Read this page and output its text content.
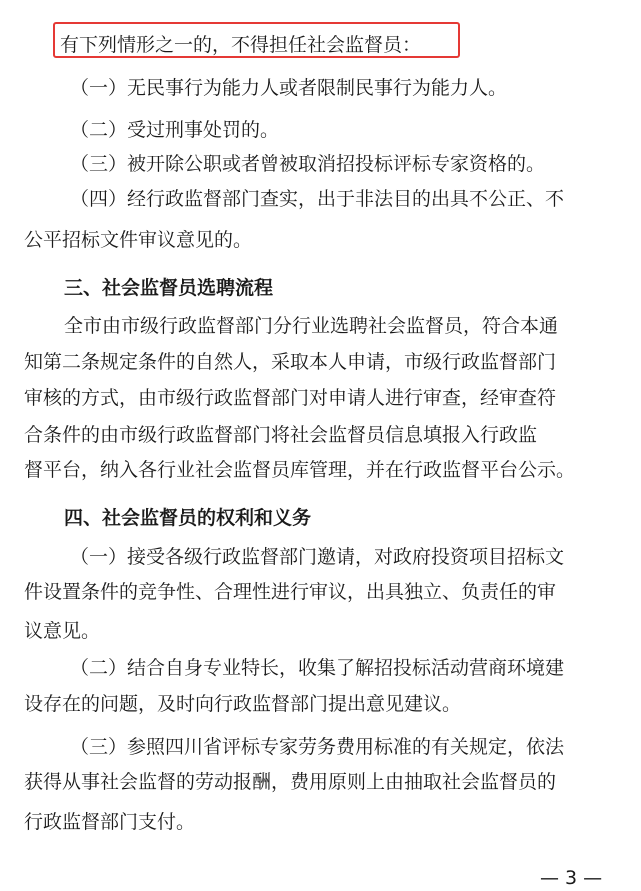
有下列情形之一的，不得担任社会监督员：
（一）无民事行为能力人或者限制民事行为能力人。
（二）受过刑事处罚的。
（三）被开除公职或者曾被取消招投标评标专家资格的。
（四）经行政监督部门查实，出于非法目的出具不公正、不
公平招标文件审议意见的。
三、社会监督员选聘流程
全市由市级行政监督部门分行业选聘社会监督员，符合本通
知第二条规定条件的自然人，采取本人申请，市级行政监督部门
审核的方式，由市级行政监督部门对申请人进行审查，经审查符
合条件的由市级行政监督部门将社会监督员信息填报入行政监
督平台，纳入各行业社会监督员库管理，并在行政监督平台公示。
四、社会监督员的权利和义务
（一）接受各级行政监督部门邀请，对政府投资项目招标文
件设置条件的竞争性、合理性进行审议，出具独立、负责任的审
议意见。
（二）结合自身专业特长，收集了解招投标活动营商环境建
设存在的问题，及时向行政监督部门提出意见建议。
（三）参照四川省评标专家劳务费用标准的有关规定，依法
获得从事社会监督的劳动报酬，费用原则上由抽取社会监督员的
行政监督部门支付。
— 3 —
